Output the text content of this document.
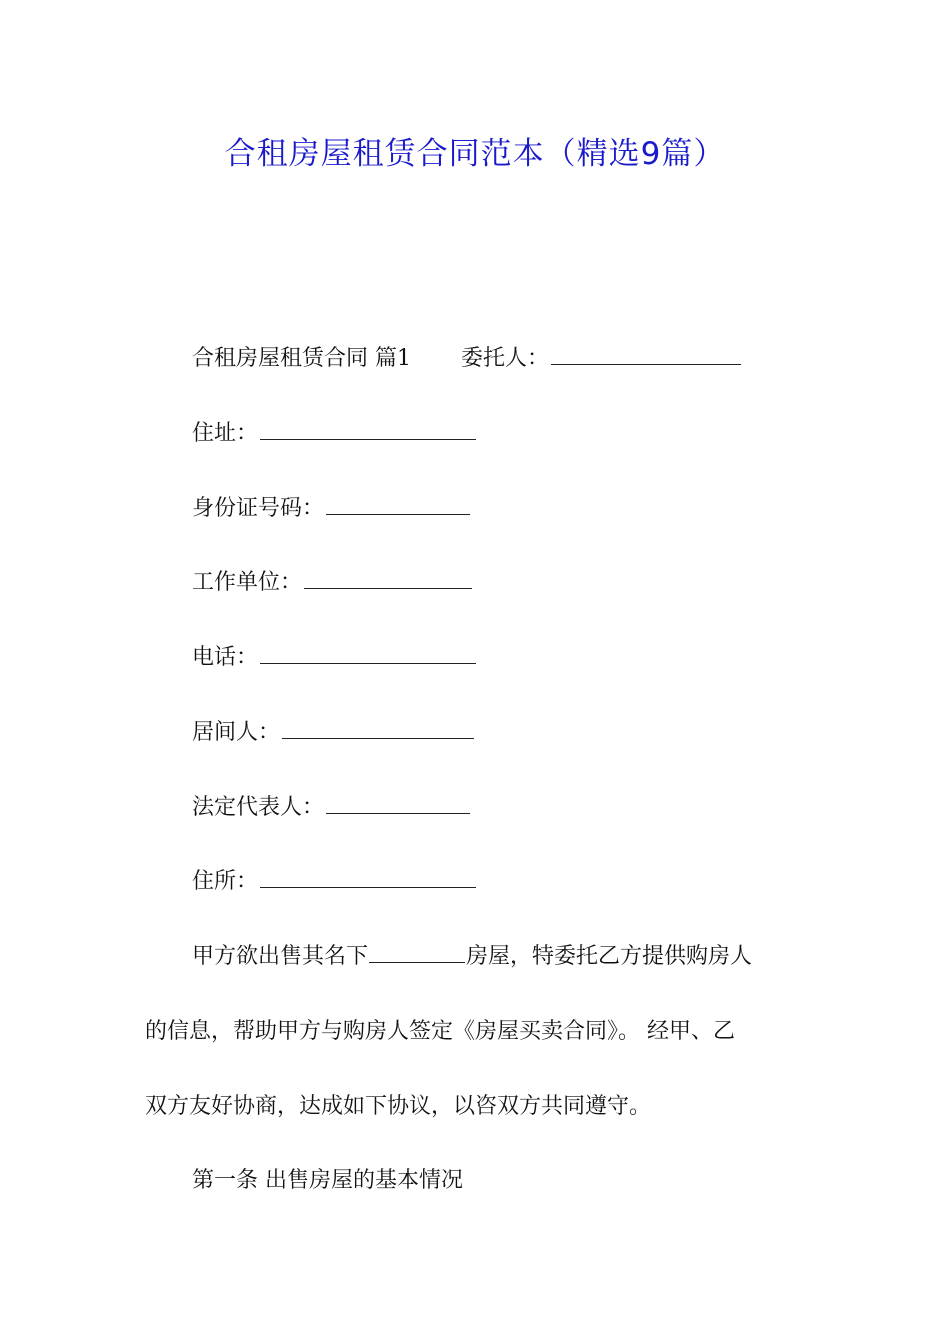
合租房屋租赁合同范本（精选9篇）
合租房屋租赁合同 篇1 委托人：
住址：
身份证号码：
工作单位：
电话：
居间人：
法定代表人：
住所：
甲方欲出售其名下	房屋，特委托乙方提供购房人
的信息，帮助甲方与购房人签定《房屋买卖合同》。 经甲、乙
双方友好协商，达成如下协议，以咨双方共同遵守。
第一条 出售房屋的基本情况
